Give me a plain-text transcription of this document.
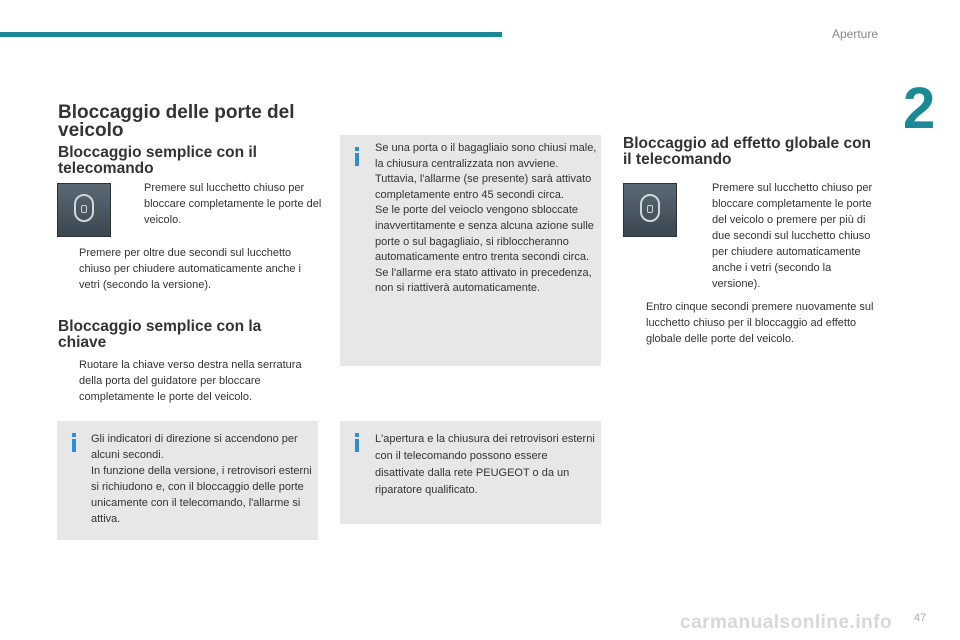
Aperture
2
Bloccaggio delle porte del veicolo
Bloccaggio semplice con il telecomando
Premere sul lucchetto chiuso per bloccare completamente le porte del veicolo.
Premere per oltre due secondi sul lucchetto chiuso per chiudere automaticamente anche i vetri (secondo la versione).
Bloccaggio semplice con la chiave
Ruotare la chiave verso destra nella serratura della porta del guidatore per bloccare completamente le porte del veicolo.
Gli indicatori di direzione si accendono per alcuni secondi.
In funzione della versione, i retrovisori esterni si richiudono e, con il bloccaggio delle porte unicamente con il telecomando, l'allarme si attiva.
Se una porta o il bagagliaio sono chiusi male, la chiusura centralizzata non avviene.
Tuttavia, l'allarme (se presente) sarà attivato completamente entro 45 secondi circa.
Se le porte del veioclo vengono sbloccate inavvertitamente e senza alcuna azione sulle porte o sul bagagliaio, si ribloccheranno automaticamente entro trenta secondi circa.
Se l'allarme era stato attivato in precedenza, non si riattiverà automaticamente.
L'apertura e la chiusura dei retrovisori esterni con il telecomando possono essere disattivate dalla rete PEUGEOT o da un riparatore qualificato.
Bloccaggio ad effetto globale con il telecomando
Premere sul lucchetto chiuso per bloccare completamente le porte del veicolo o premere per più di due secondi sul lucchetto chiuso per chiudere automaticamente anche i vetri (secondo la versione).
Entro cinque secondi premere nuovamente sul lucchetto chiuso per il bloccaggio ad effetto globale delle porte del veicolo.
carmanualsonline.info 47
